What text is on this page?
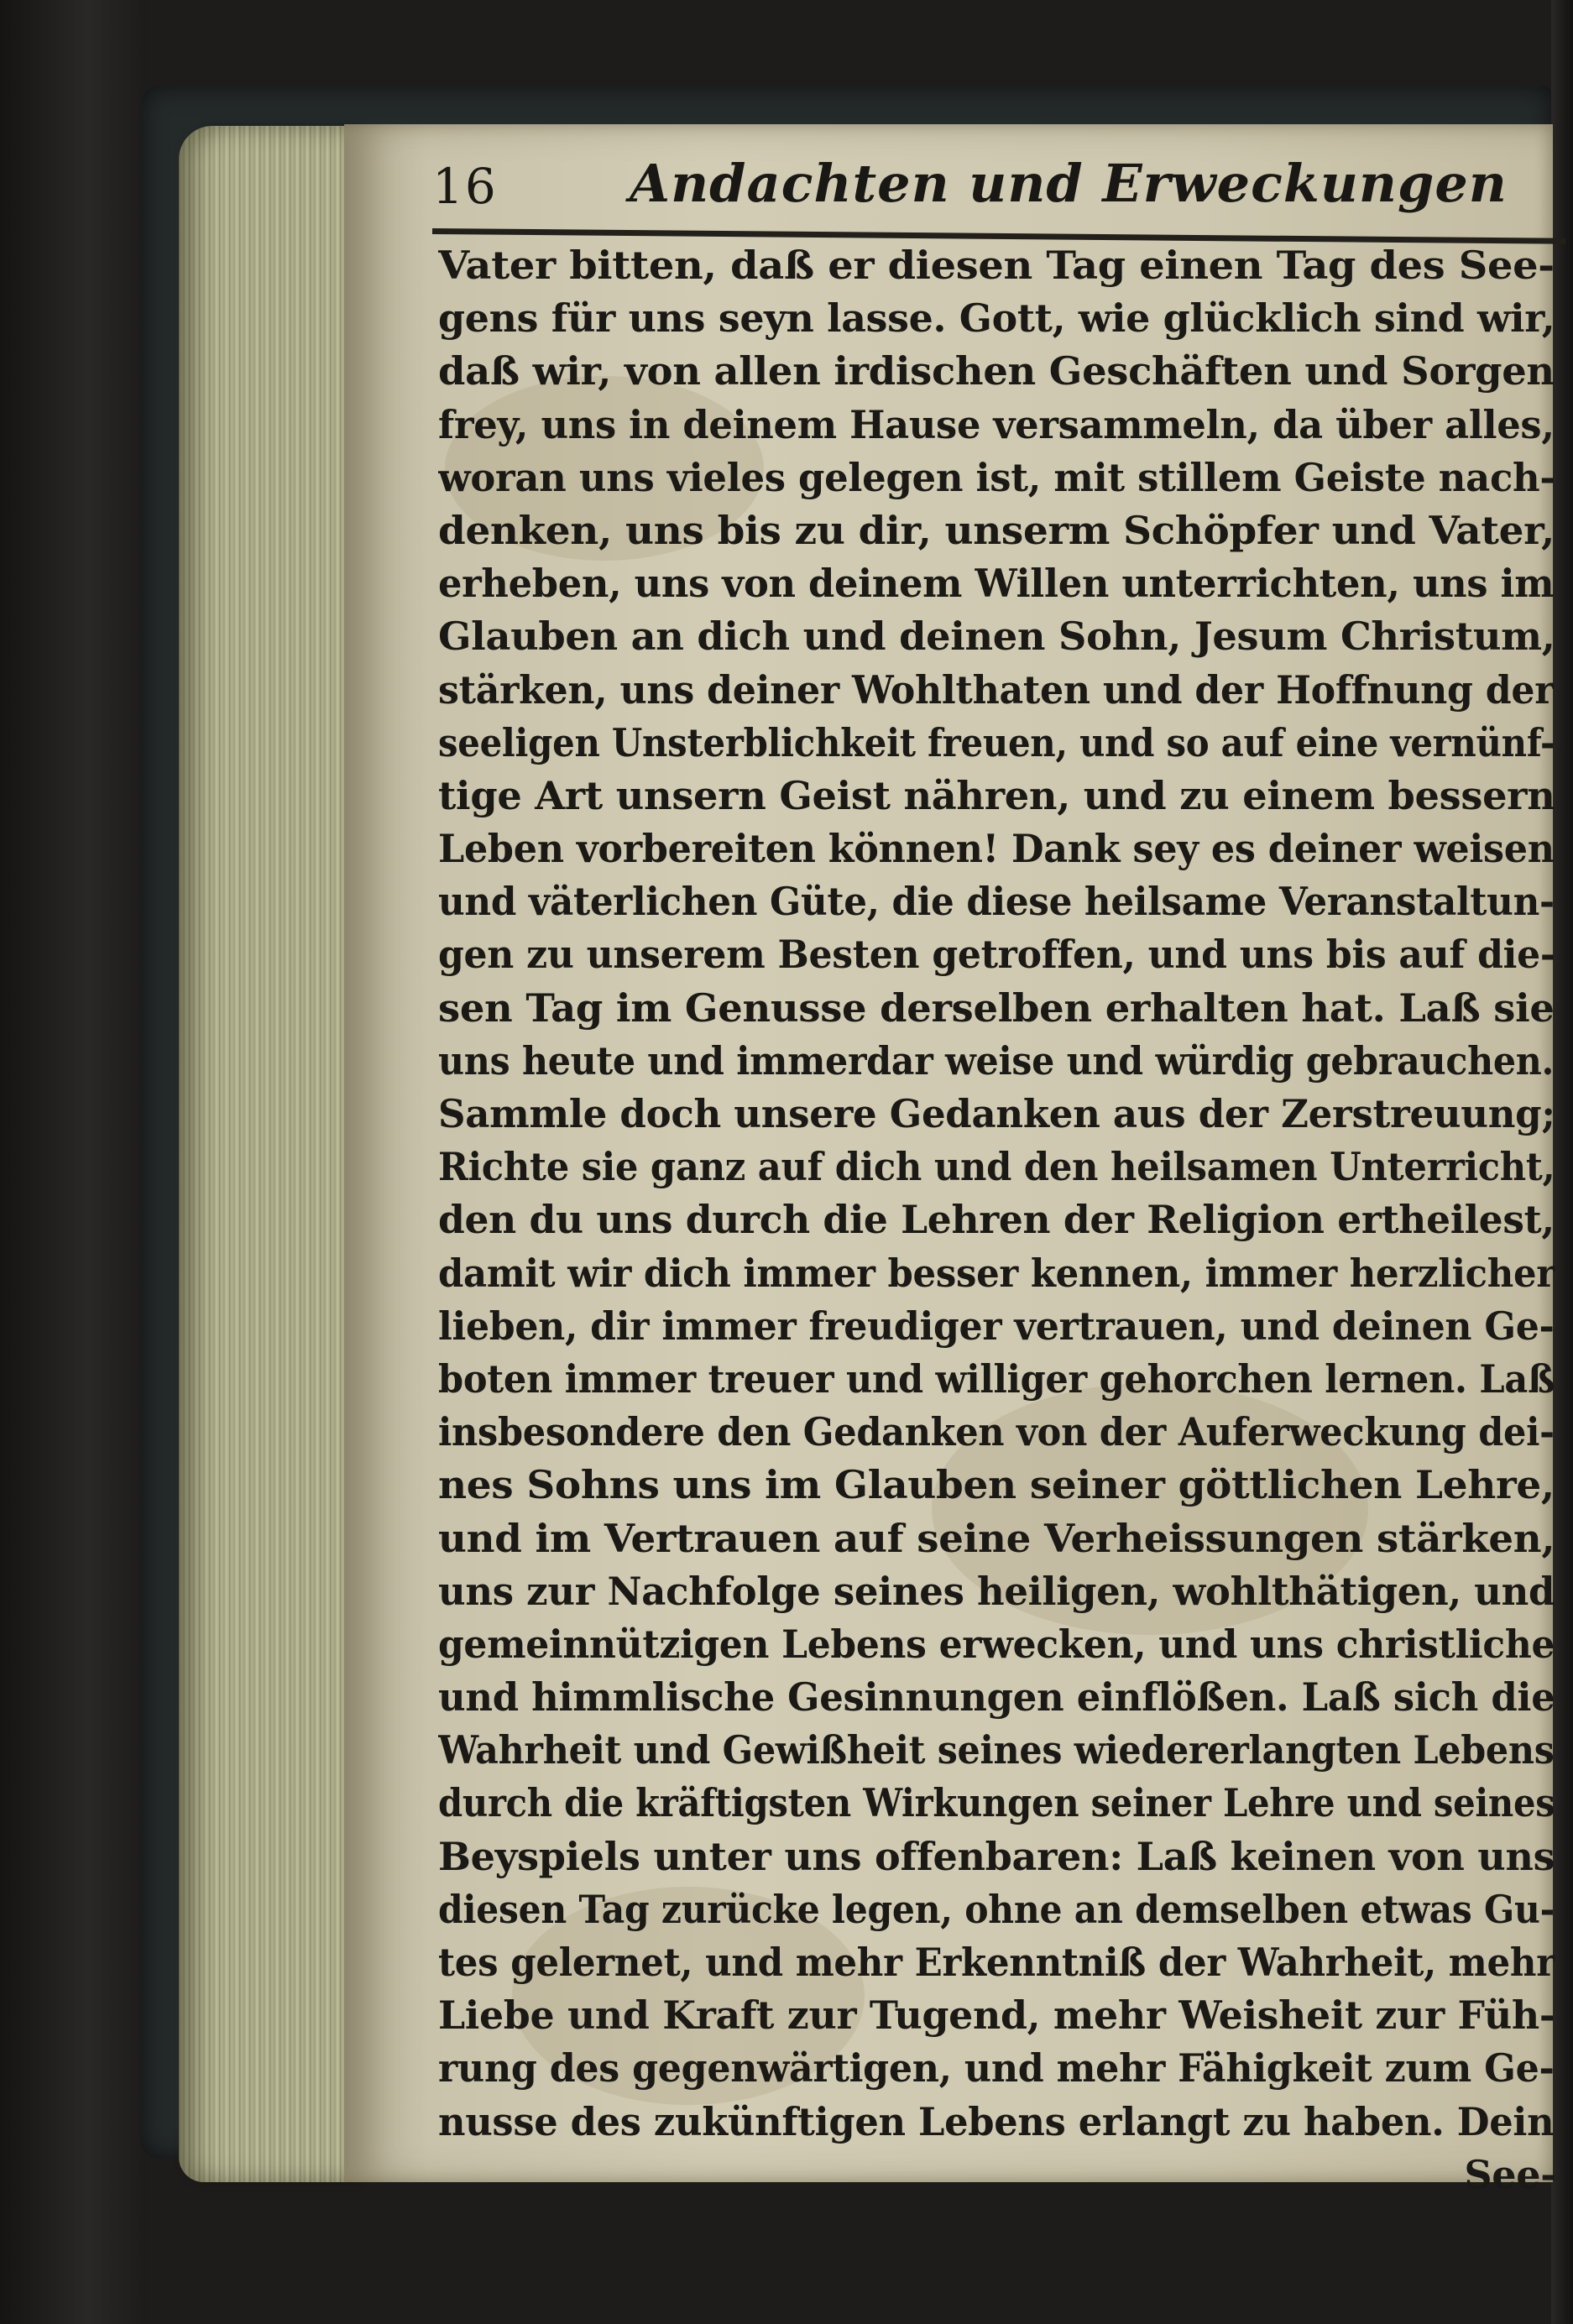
16	Andachten und Erweckungen
Vater bitten, daß er diesen Tag einen Tag des See-
gens für uns seyn lasse. Gott, wie glücklich sind wir,
daß wir, von allen irdischen Geschäften und Sorgen
frey, uns in deinem Hause versammeln, da über alles,
woran uns vieles gelegen ist, mit stillem Geiste nach-
denken, uns bis zu dir, unserm Schöpfer und Vater,
erheben, uns von deinem Willen unterrichten, uns im
Glauben an dich und deinen Sohn, Jesum Christum,
stärken, uns deiner Wohlthaten und der Hoffnung der
seeligen Unsterblichkeit freuen, und so auf eine vernünf-
tige Art unsern Geist nähren, und zu einem bessern
Leben vorbereiten können! Dank sey es deiner weisen
und väterlichen Güte, die diese heilsame Veranstaltun-
gen zu unserem Besten getroffen, und uns bis auf die-
sen Tag im Genusse derselben erhalten hat. Laß sie
uns heute und immerdar weise und würdig gebrauchen.
Sammle doch unsere Gedanken aus der Zerstreuung;
Richte sie ganz auf dich und den heilsamen Unterricht,
den du uns durch die Lehren der Religion ertheilest,
damit wir dich immer besser kennen, immer herzlicher
lieben, dir immer freudiger vertrauen, und deinen Ge-
boten immer treuer und williger gehorchen lernen. Laß
insbesondere den Gedanken von der Auferweckung dei-
nes Sohns uns im Glauben seiner göttlichen Lehre,
und im Vertrauen auf seine Verheissungen stärken,
uns zur Nachfolge seines heiligen, wohlthätigen, und
gemeinnützigen Lebens erwecken, und uns christliche
und himmlische Gesinnungen einflößen. Laß sich die
Wahrheit und Gewißheit seines wiedererlangten Lebens
durch die kräftigsten Wirkungen seiner Lehre und seines
Beyspiels unter uns offenbaren: Laß keinen von uns
diesen Tag zurücke legen, ohne an demselben etwas Gu-
tes gelernet, und mehr Erkenntniß der Wahrheit, mehr
Liebe und Kraft zur Tugend, mehr Weisheit zur Füh-
rung des gegenwärtigen, und mehr Fähigkeit zum Ge-
nusse des zukünftigen Lebens erlangt zu haben. Dein
See-
